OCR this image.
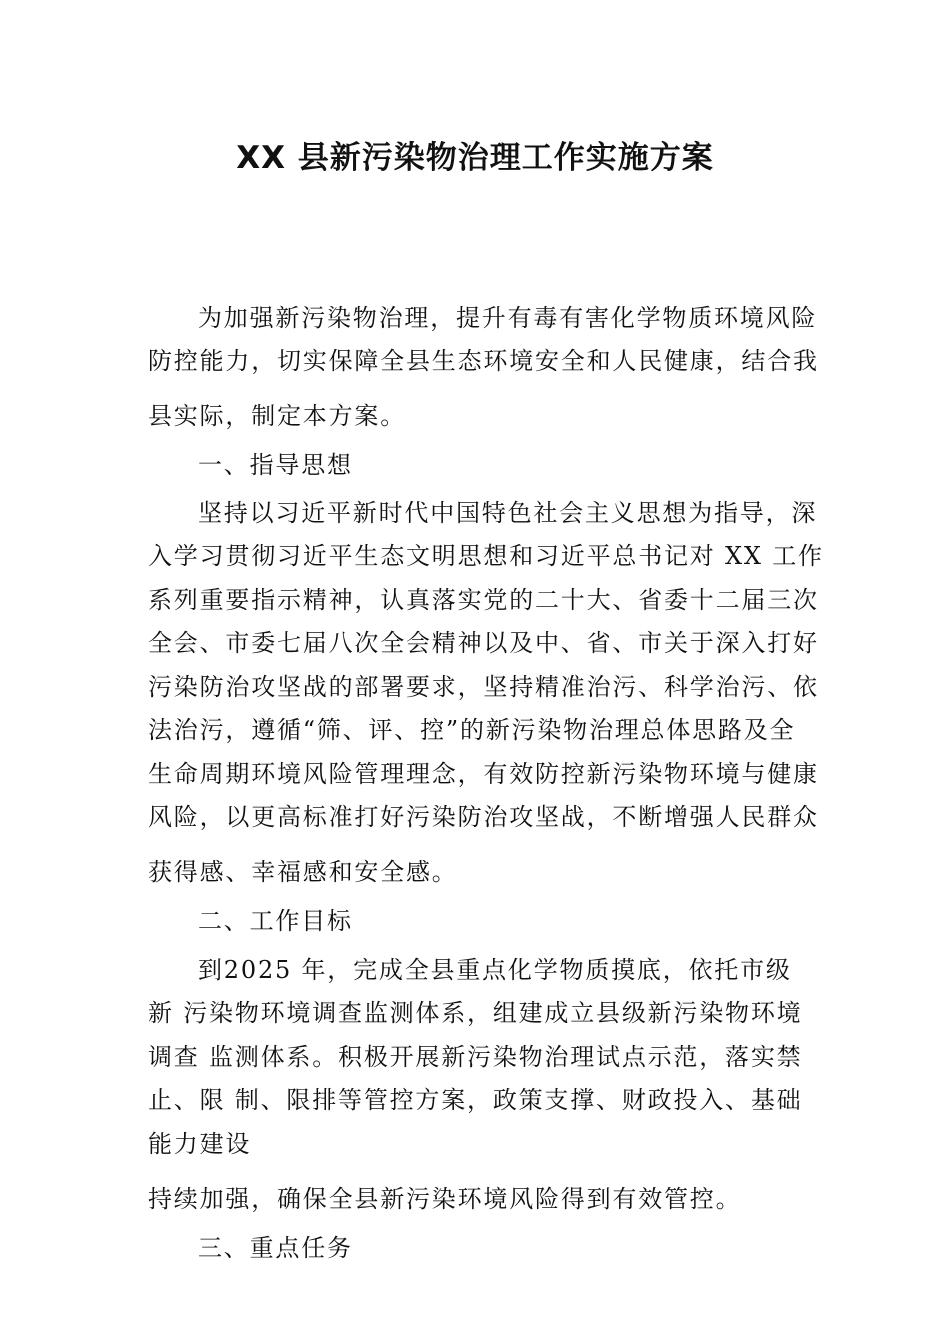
XX 县新污染物治理工作实施方案
为加强新污染物治理，提升有毒有害化学物质环境风险
防控能力，切实保障全县生态环境安全和人民健康，结合我
县实际，制定本方案。
一、指导思想
坚持以习近平新时代中国特色社会主义思想为指导，深
入学习贯彻习近平生态文明思想和习近平总书记对 XX 工作
系列重要指示精神，认真落实党的二十大、省委十二届三次
全会、市委七届八次全会精神以及中、省、市关于深入打好
污染防治攻坚战的部署要求，坚持精准治污、科学治污、依
法治污，遵循“筛、评、控”的新污染物治理总体思路及全
生命周期环境风险管理理念，有效防控新污染物环境与健康
风险，以更高标准打好污染防治攻坚战，不断增强人民群众
获得感、幸福感和安全感。
二、工作目标
到2025 年，完成全县重点化学物质摸底，依托市级
新 污染物环境调查监测体系，组建成立县级新污染物环境
调查 监测体系。积极开展新污染物治理试点示范，落实禁
止、限 制、限排等管控方案，政策支撑、财政投入、基础
能力建设
持续加强，确保全县新污染环境风险得到有效管控。
三、重点任务
